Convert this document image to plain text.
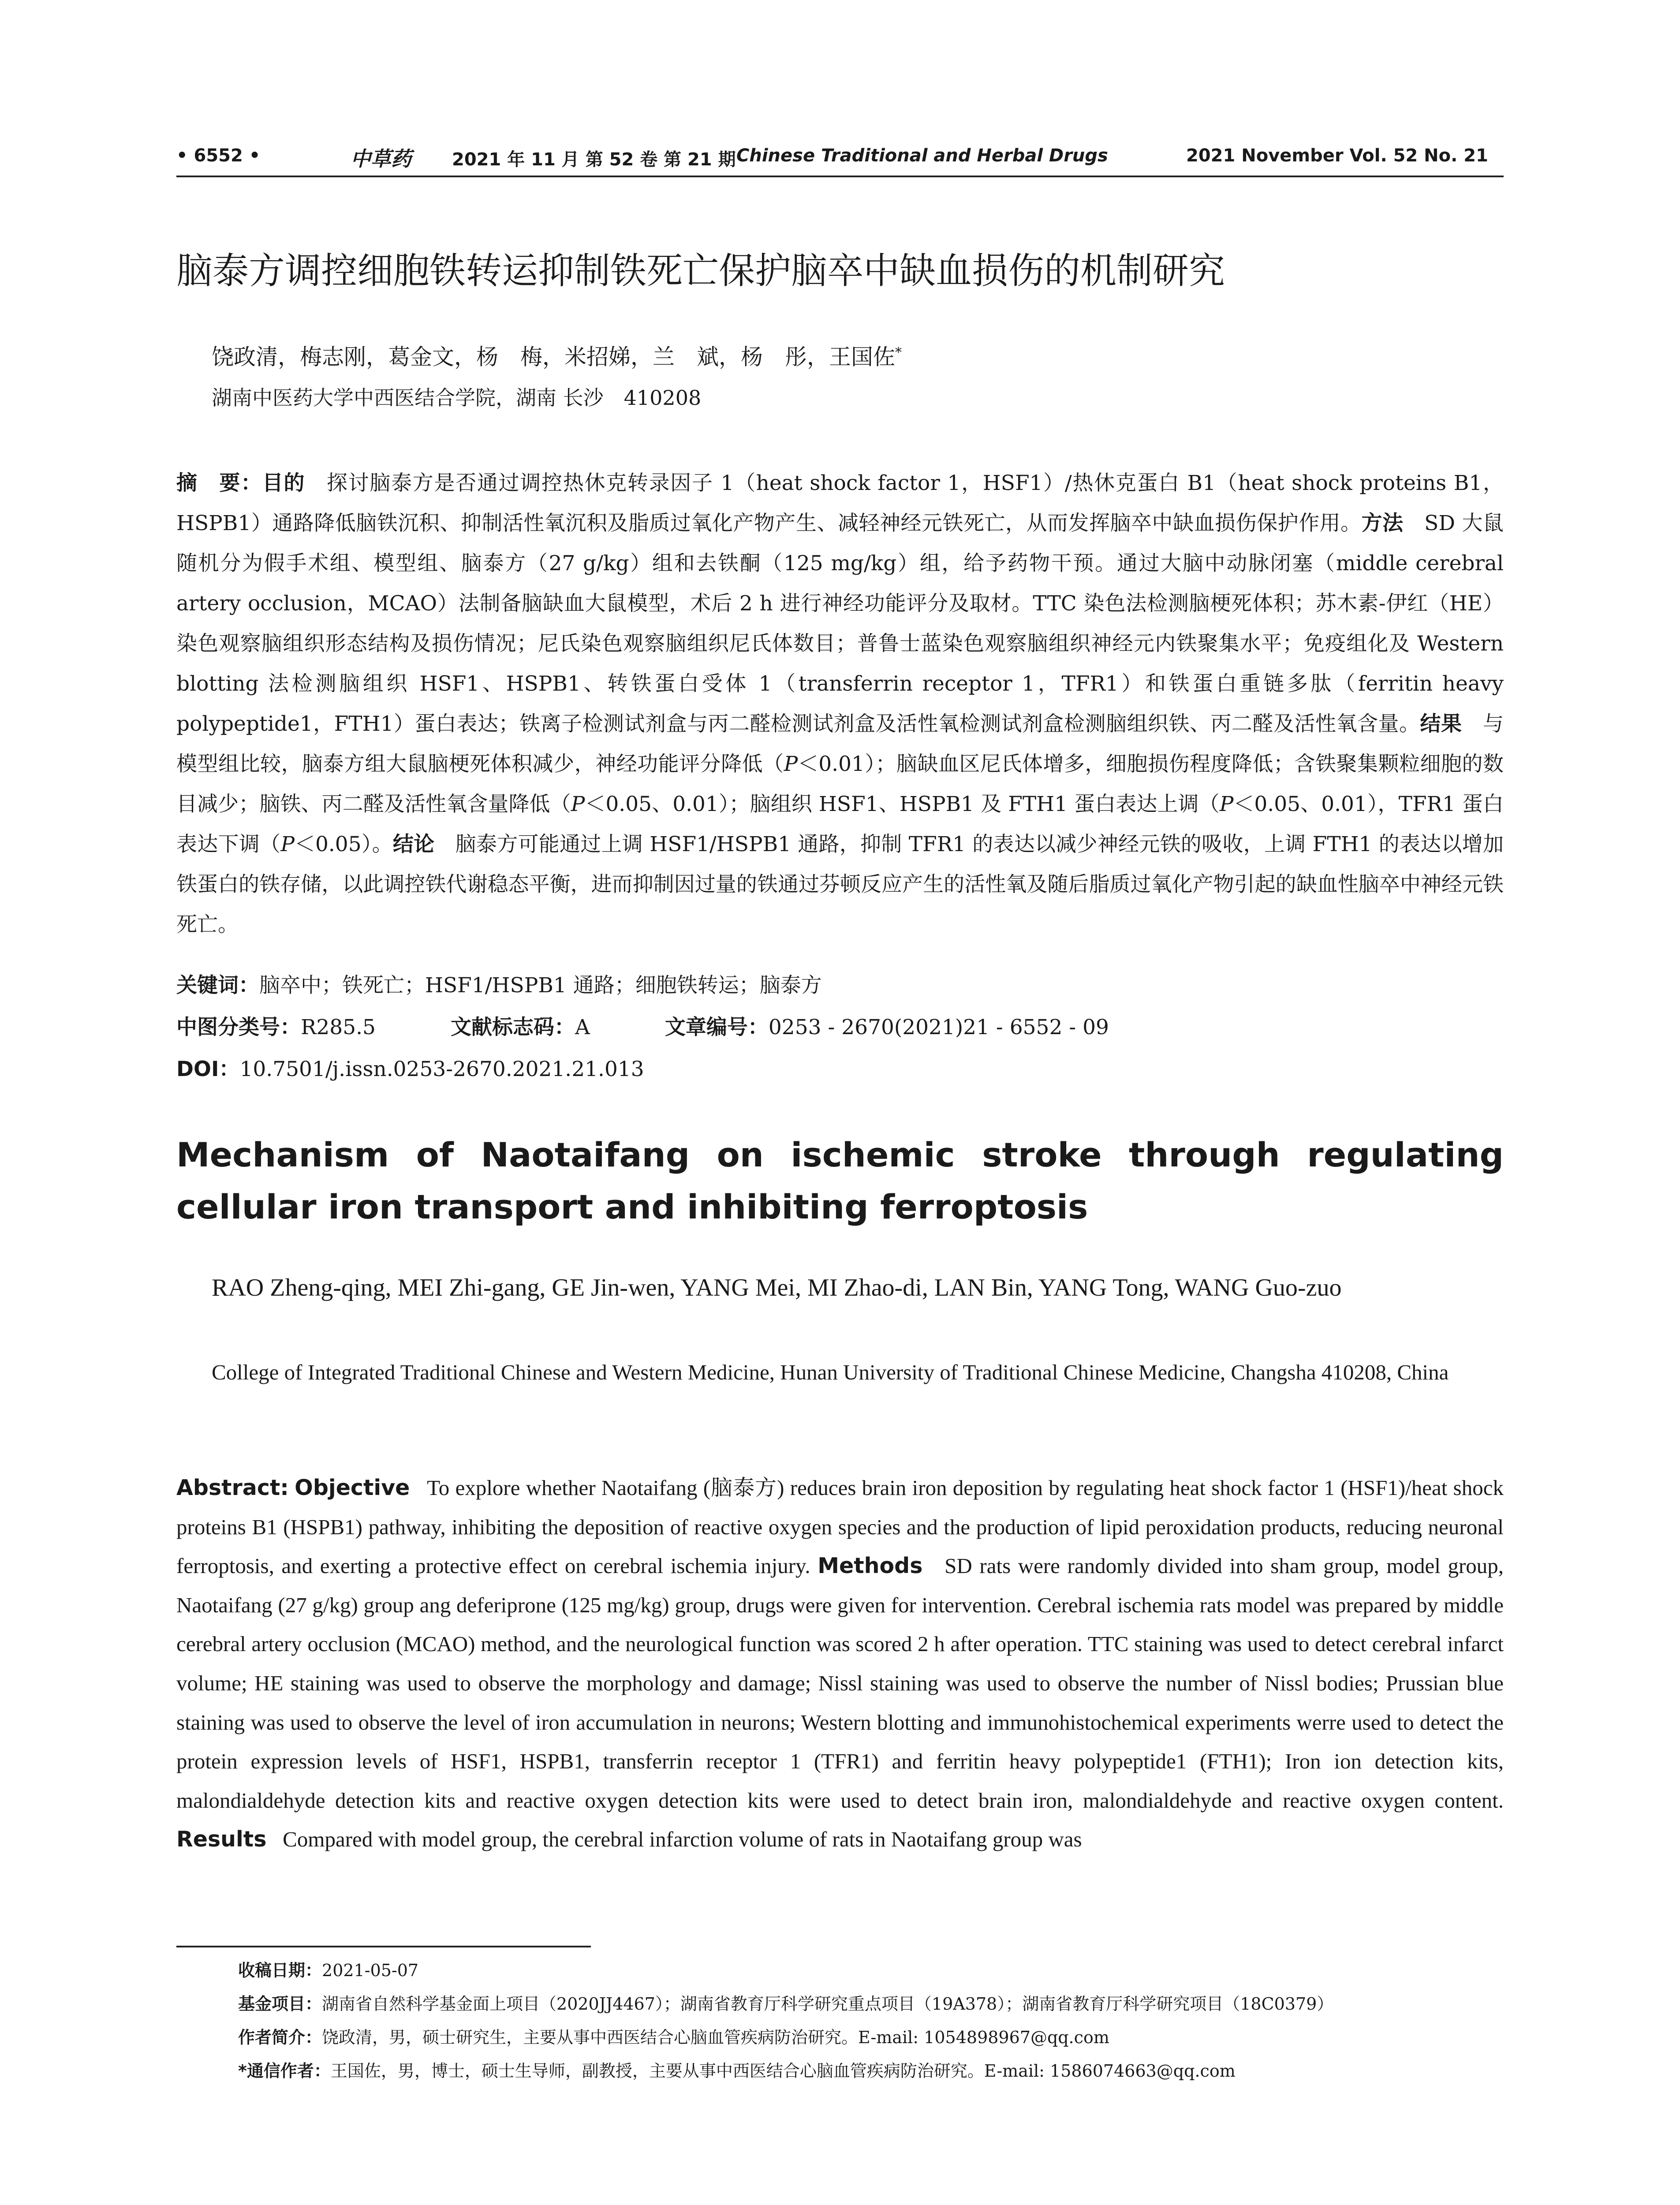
• 6552 •	中草药 2021 年 11 月 第 52 卷 第 21 期 Chinese Traditional and Herbal Drugs	2021 November Vol. 52 No. 21
脑泰方调控细胞铁转运抑制铁死亡保护脑卒中缺血损伤的机制研究
饶政清，梅志刚，葛金文，杨　梅，米招娣，兰　斌，杨　彤，王国佐*
湖南中医药大学中西医结合学院，湖南 长沙　410208
摘　要：目的　 探讨脑泰方是否通过调控热休克转录因子 1（heat shock factor 1，HSF1）/热休克蛋白 B1（heat shock proteins B1，HSPB1）通路降低脑铁沉积、抑制活性氧沉积及脂质过氧化产物产生、减轻神经元铁死亡，从而发挥脑卒中缺血损伤保护作用。方法　 SD 大鼠随机分为假手术组、模型组、脑泰方（27 g/kg）组和去铁酮（125 mg/kg）组，给予药物干预。通过大脑中动脉闭塞（middle cerebral artery occlusion，MCAO）法制备脑缺血大鼠模型，术后 2 h 进行神经功能评分及取材。TTC 染色法检测脑梗死体积；苏木素-伊红（HE）染色观察脑组织形态结构及损伤情况；尼氏染色观察脑组织尼氏体数目；普鲁士蓝染色观察脑组织神经元内铁聚集水平；免疫组化及 Western blotting 法检测脑组织 HSF1、HSPB1、转铁蛋白受体 1（transferrin receptor 1，TFR1）和铁蛋白重链多肽（ferritin heavy polypeptide1，FTH1）蛋白表达；铁离子检测试剂盒与丙二醛检测试剂盒及活性氧检测试剂盒检测脑组织铁、丙二醛及活性氧含量。结果　 与模型组比较，脑泰方组大鼠脑梗死体积减少，神经功能评分降低（P＜0.01）；脑缺血区尼氏体增多，细胞损伤程度降低；含铁聚集颗粒细胞的数目减少；脑铁、丙二醛及活性氧含量降低（P＜0.05、0.01）；脑组织 HSF1、HSPB1 及 FTH1 蛋白表达上调（P＜0.05、0.01），TFR1 蛋白表达下调（P＜0.05）。结论　 脑泰方可能通过上调 HSF1/HSPB1 通路，抑制 TFR1 的表达以减少神经元铁的吸收，上调 FTH1 的表达以增加铁蛋白的铁存储，以此调控铁代谢稳态平衡，进而抑制因过量的铁通过芬顿反应产生的活性氧及随后脂质过氧化产物引起的缺血性脑卒中神经元铁死亡。
关键词：脑卒中；铁死亡；HSF1/HSPB1 通路；细胞铁转运；脑泰方
中图分类号：R285.5	文献标志码：A	文章编号：0253 - 2670(2021)21 - 6552 - 09
DOI：10.7501/j.issn.0253-2670.2021.21.013
Mechanism of Naotaifang on ischemic stroke through regulating cellular iron transport and inhibiting ferroptosis
RAO Zheng-qing, MEI Zhi-gang, GE Jin-wen, YANG Mei, MI Zhao-di, LAN Bin, YANG Tong, WANG Guo-zuo
College of Integrated Traditional Chinese and Western Medicine, Hunan University of Traditional Chinese Medicine, Changsha 410208, China
Abstract: Objective To explore whether Naotaifang (脑泰方) reduces brain iron deposition by regulating heat shock factor 1 (HSF1)/heat shock proteins B1 (HSPB1) pathway, inhibiting the deposition of reactive oxygen species and the production of lipid peroxidation products, reducing neuronal ferroptosis, and exerting a protective effect on cerebral ischemia injury. Methods SD rats were randomly divided into sham group, model group, Naotaifang (27 g/kg) group ang deferiprone (125 mg/kg) group, drugs were given for intervention. Cerebral ischemia rats model was prepared by middle cerebral artery occlusion (MCAO) method, and the neurological function was scored 2 h after operation. TTC staining was used to detect cerebral infarct volume; HE staining was used to observe the morphology and damage; Nissl staining was used to observe the number of Nissl bodies; Prussian blue staining was used to observe the level of iron accumulation in neurons; Western blotting and immunohistochemical experiments werre used to detect the protein expression levels of HSF1, HSPB1, transferrin receptor 1 (TFR1) and ferritin heavy polypeptide1 (FTH1); Iron ion detection kits, malondialdehyde detection kits and reactive oxygen detection kits were used to detect brain iron, malondialdehyde and reactive oxygen content. Results Compared with model group, the cerebral infarction volume of rats in Naotaifang group was
收稿日期：2021-05-07
基金项目：湖南省自然科学基金面上项目（2020JJ4467）；湖南省教育厅科学研究重点项目（19A378）；湖南省教育厅科学研究项目（18C0379）
作者简介：饶政清，男，硕士研究生，主要从事中西医结合心脑血管疾病防治研究。E-mail: 1054898967@qq.com
*通信作者：王国佐，男，博士，硕士生导师，副教授，主要从事中西医结合心脑血管疾病防治研究。E-mail: 1586074663@qq.com
